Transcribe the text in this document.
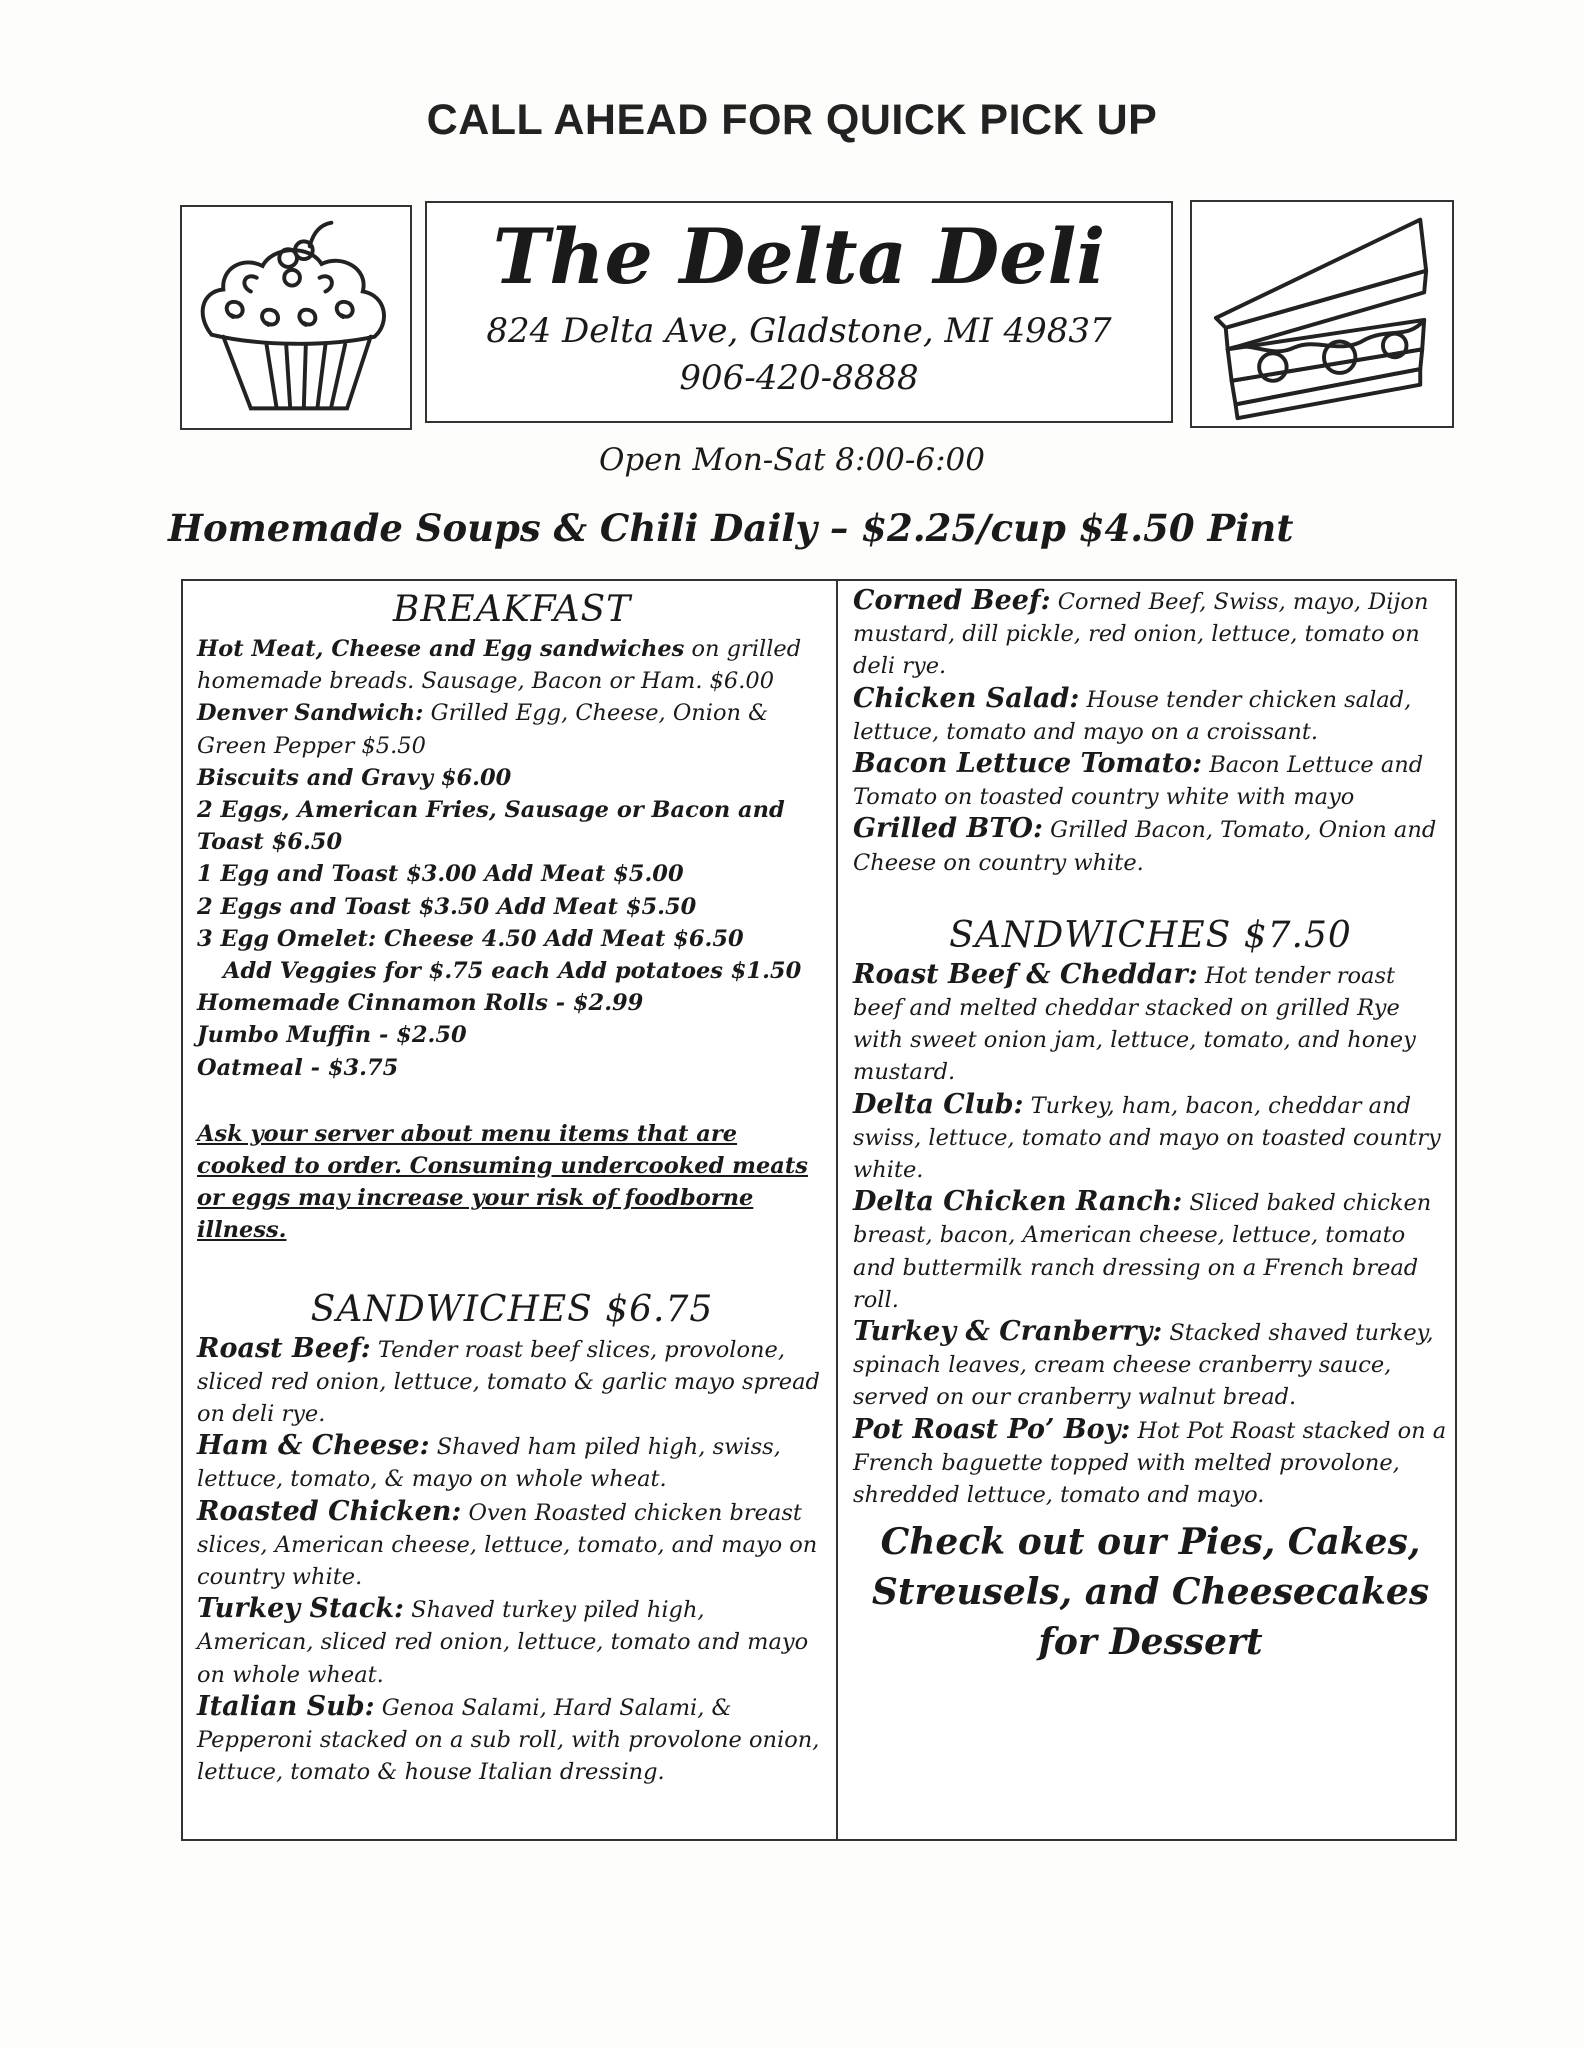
CALL AHEAD FOR QUICK PICK UP
The Delta Deli
824 Delta Ave, Gladstone, MI 49837
906-420-8888
Open Mon-Sat 8:00-6:00
Homemade Soups & Chili Daily – $2.25/cup $4.50 Pint
BREAKFAST

Hot Meat, Cheese and Egg sandwiches on grilled homemade breads. Sausage, Bacon or Ham. $6.00

Denver Sandwich: Grilled Egg, Cheese, Onion & Green Pepper $5.50

Biscuits and Gravy $6.00

2 Eggs, American Fries, Sausage or Bacon and Toast $6.50

1 Egg and Toast $3.00 Add Meat $5.00

2 Eggs and Toast $3.50 Add Meat $5.50

3 Egg Omelet: Cheese 4.50 Add Meat $6.50

Add Veggies for $.75 each Add potatoes $1.50

Homemade Cinnamon Rolls - $2.99

Jumbo Muffin - $2.50

Oatmeal - $3.75

Ask your server about menu items that are cooked to order. Consuming undercooked meats or eggs may increase your risk of foodborne illness.

SANDWICHES $6.75

Roast Beef: Tender roast beef slices, provolone, sliced red onion, lettuce, tomato & garlic mayo spread on deli rye.

Ham & Cheese: Shaved ham piled high, swiss, lettuce, tomato, & mayo on whole wheat.

Roasted Chicken: Oven Roasted chicken breast slices, American cheese, lettuce, tomato, and mayo on country white.

Turkey Stack: Shaved turkey piled high, American, sliced red onion, lettuce, tomato and mayo on whole wheat.

Italian Sub: Genoa Salami, Hard Salami, & Pepperoni stacked on a sub roll, with provolone onion, lettuce, tomato & house Italian dressing.

Corned Beef: Corned Beef, Swiss, mayo, Dijon mustard, dill pickle, red onion, lettuce, tomato on deli rye.

Chicken Salad: House tender chicken salad, lettuce, tomato and mayo on a croissant.

Bacon Lettuce Tomato: Bacon Lettuce and Tomato on toasted country white with mayo

Grilled BTO: Grilled Bacon, Tomato, Onion and Cheese on country white.

SANDWICHES $7.50

Roast Beef & Cheddar: Hot tender roast beef and melted cheddar stacked on grilled Rye with sweet onion jam, lettuce, tomato, and honey mustard.

Delta Club: Turkey, ham, bacon, cheddar and swiss, lettuce, tomato and mayo on toasted country white.

Delta Chicken Ranch: Sliced baked chicken breast, bacon, American cheese, lettuce, tomato and buttermilk ranch dressing on a French bread roll.

Turkey & Cranberry: Stacked shaved turkey, spinach leaves, cream cheese cranberry sauce, served on our cranberry walnut bread.

Pot Roast Po’ Boy: Hot Pot Roast stacked on a French baguette topped with melted provolone, shredded lettuce, tomato and mayo.

Check out our Pies, Cakes, Streusels, and Cheesecakes for Dessert
